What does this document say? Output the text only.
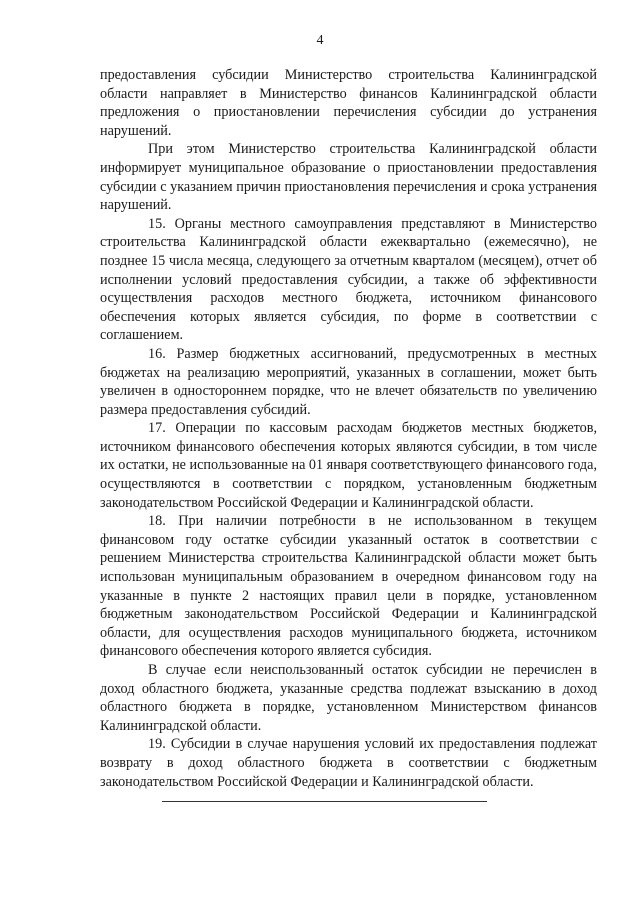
4

предоставления субсидии Министерство строительства Калининградской области направляет в Министерство финансов Калининградской области предложения о приостановлении перечисления субсидии до устранения нарушений.

При этом Министерство строительства Калининградской области информирует муниципальное образование о приостановлении предоставления субсидии с указанием причин приостановления перечисления и срока устранения нарушений.

15. Органы местного самоуправления представляют в Министерство строительства Калининградской области ежеквартально (ежемесячно), не позднее 15 числа месяца, следующего за отчетным кварталом (месяцем), отчет об исполнении условий предоставления субсидии, а также об эффективности осуществления расходов местного бюджета, источником финансового обеспечения которых является субсидия, по форме в соответствии с соглашением.

16. Размер бюджетных ассигнований, предусмотренных в местных бюджетах на реализацию мероприятий, указанных в соглашении, может быть увеличен в одностороннем порядке, что не влечет обязательств по увеличению размера предоставления субсидий.

17. Операции по кассовым расходам бюджетов местных бюджетов, источником финансового обеспечения которых являются субсидии, в том числе их остатки, не использованные на 01 января соответствующего финансового года, осуществляются в соответствии с порядком, установленным бюджетным законодательством Российской Федерации и Калининградской области.

18. При наличии потребности в не использованном в текущем финансовом году остатке субсидии указанный остаток в соответствии с решением Министерства строительства Калининградской области может быть использован муниципальным образованием в очередном финансовом году на указанные в пункте 2 настоящих правил цели в порядке, установленном бюджетным законодательством Российской Федерации и Калининградской области, для осуществления расходов муниципального бюджета, источником финансового обеспечения которого является субсидия.

В случае если неиспользованный остаток субсидии не перечислен в доход областного бюджета, указанные средства подлежат взысканию в доход областного бюджета в порядке, установленном Министерством финансов Калининградской области.

19. Субсидии в случае нарушения условий их предоставления подлежат возврату в доход областного бюджета в соответствии с бюджетным законодательством Российской Федерации и Калининградской области.
